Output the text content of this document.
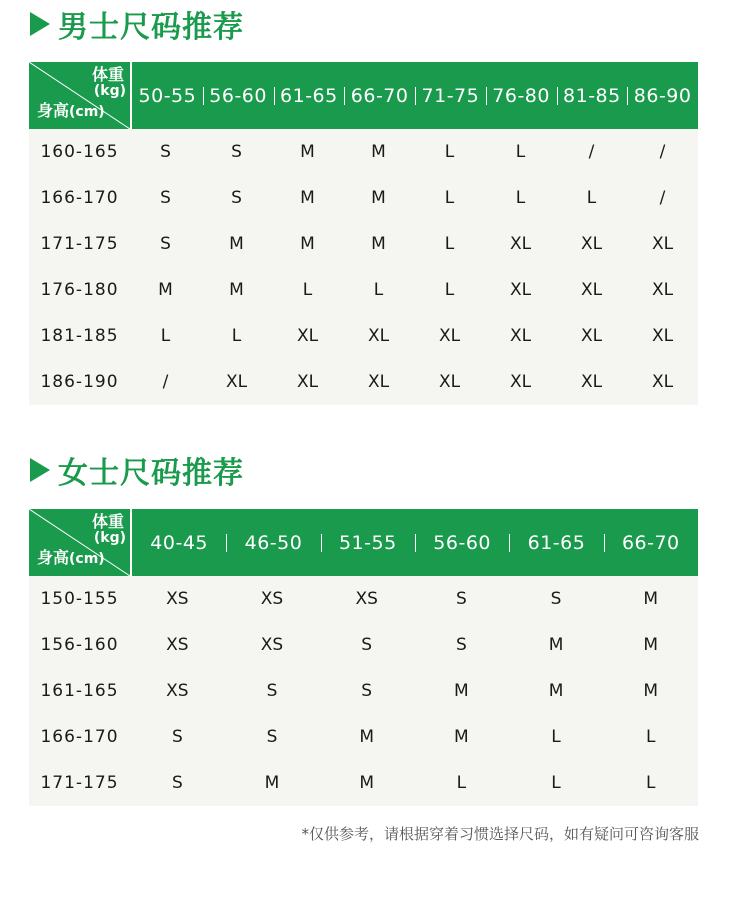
男士尺码推荐
体重
(kg)
身高(cm)
50-55 56-60 61-65 66-70 71-75 76-80 81-85 86-90
160-165	S	S	M	M	L	L	/	/
166-170	S	S	M	M	L	L	L	/
171-175	S	M	M	M	L	XL	XL	XL
176-180	M	M	L	L	L	XL	XL	XL
181-185	L	L	XL	XL	XL	XL	XL	XL
186-190	/	XL	XL	XL	XL	XL	XL	XL
女士尺码推荐
体重
(kg)
身高(cm)
40-45	46-50	51-55	56-60	61-65	66-70
150-155	XS	XS	XS	S	S	M
156-160	XS	XS	S	S	M	M
161-165	XS	S	S	M	M	M
166-170	S	S	M	M	L	L
171-175	S	M	M	L	L	L
*仅供参考，请根据穿着习惯选择尺码，如有疑问可咨询客服
